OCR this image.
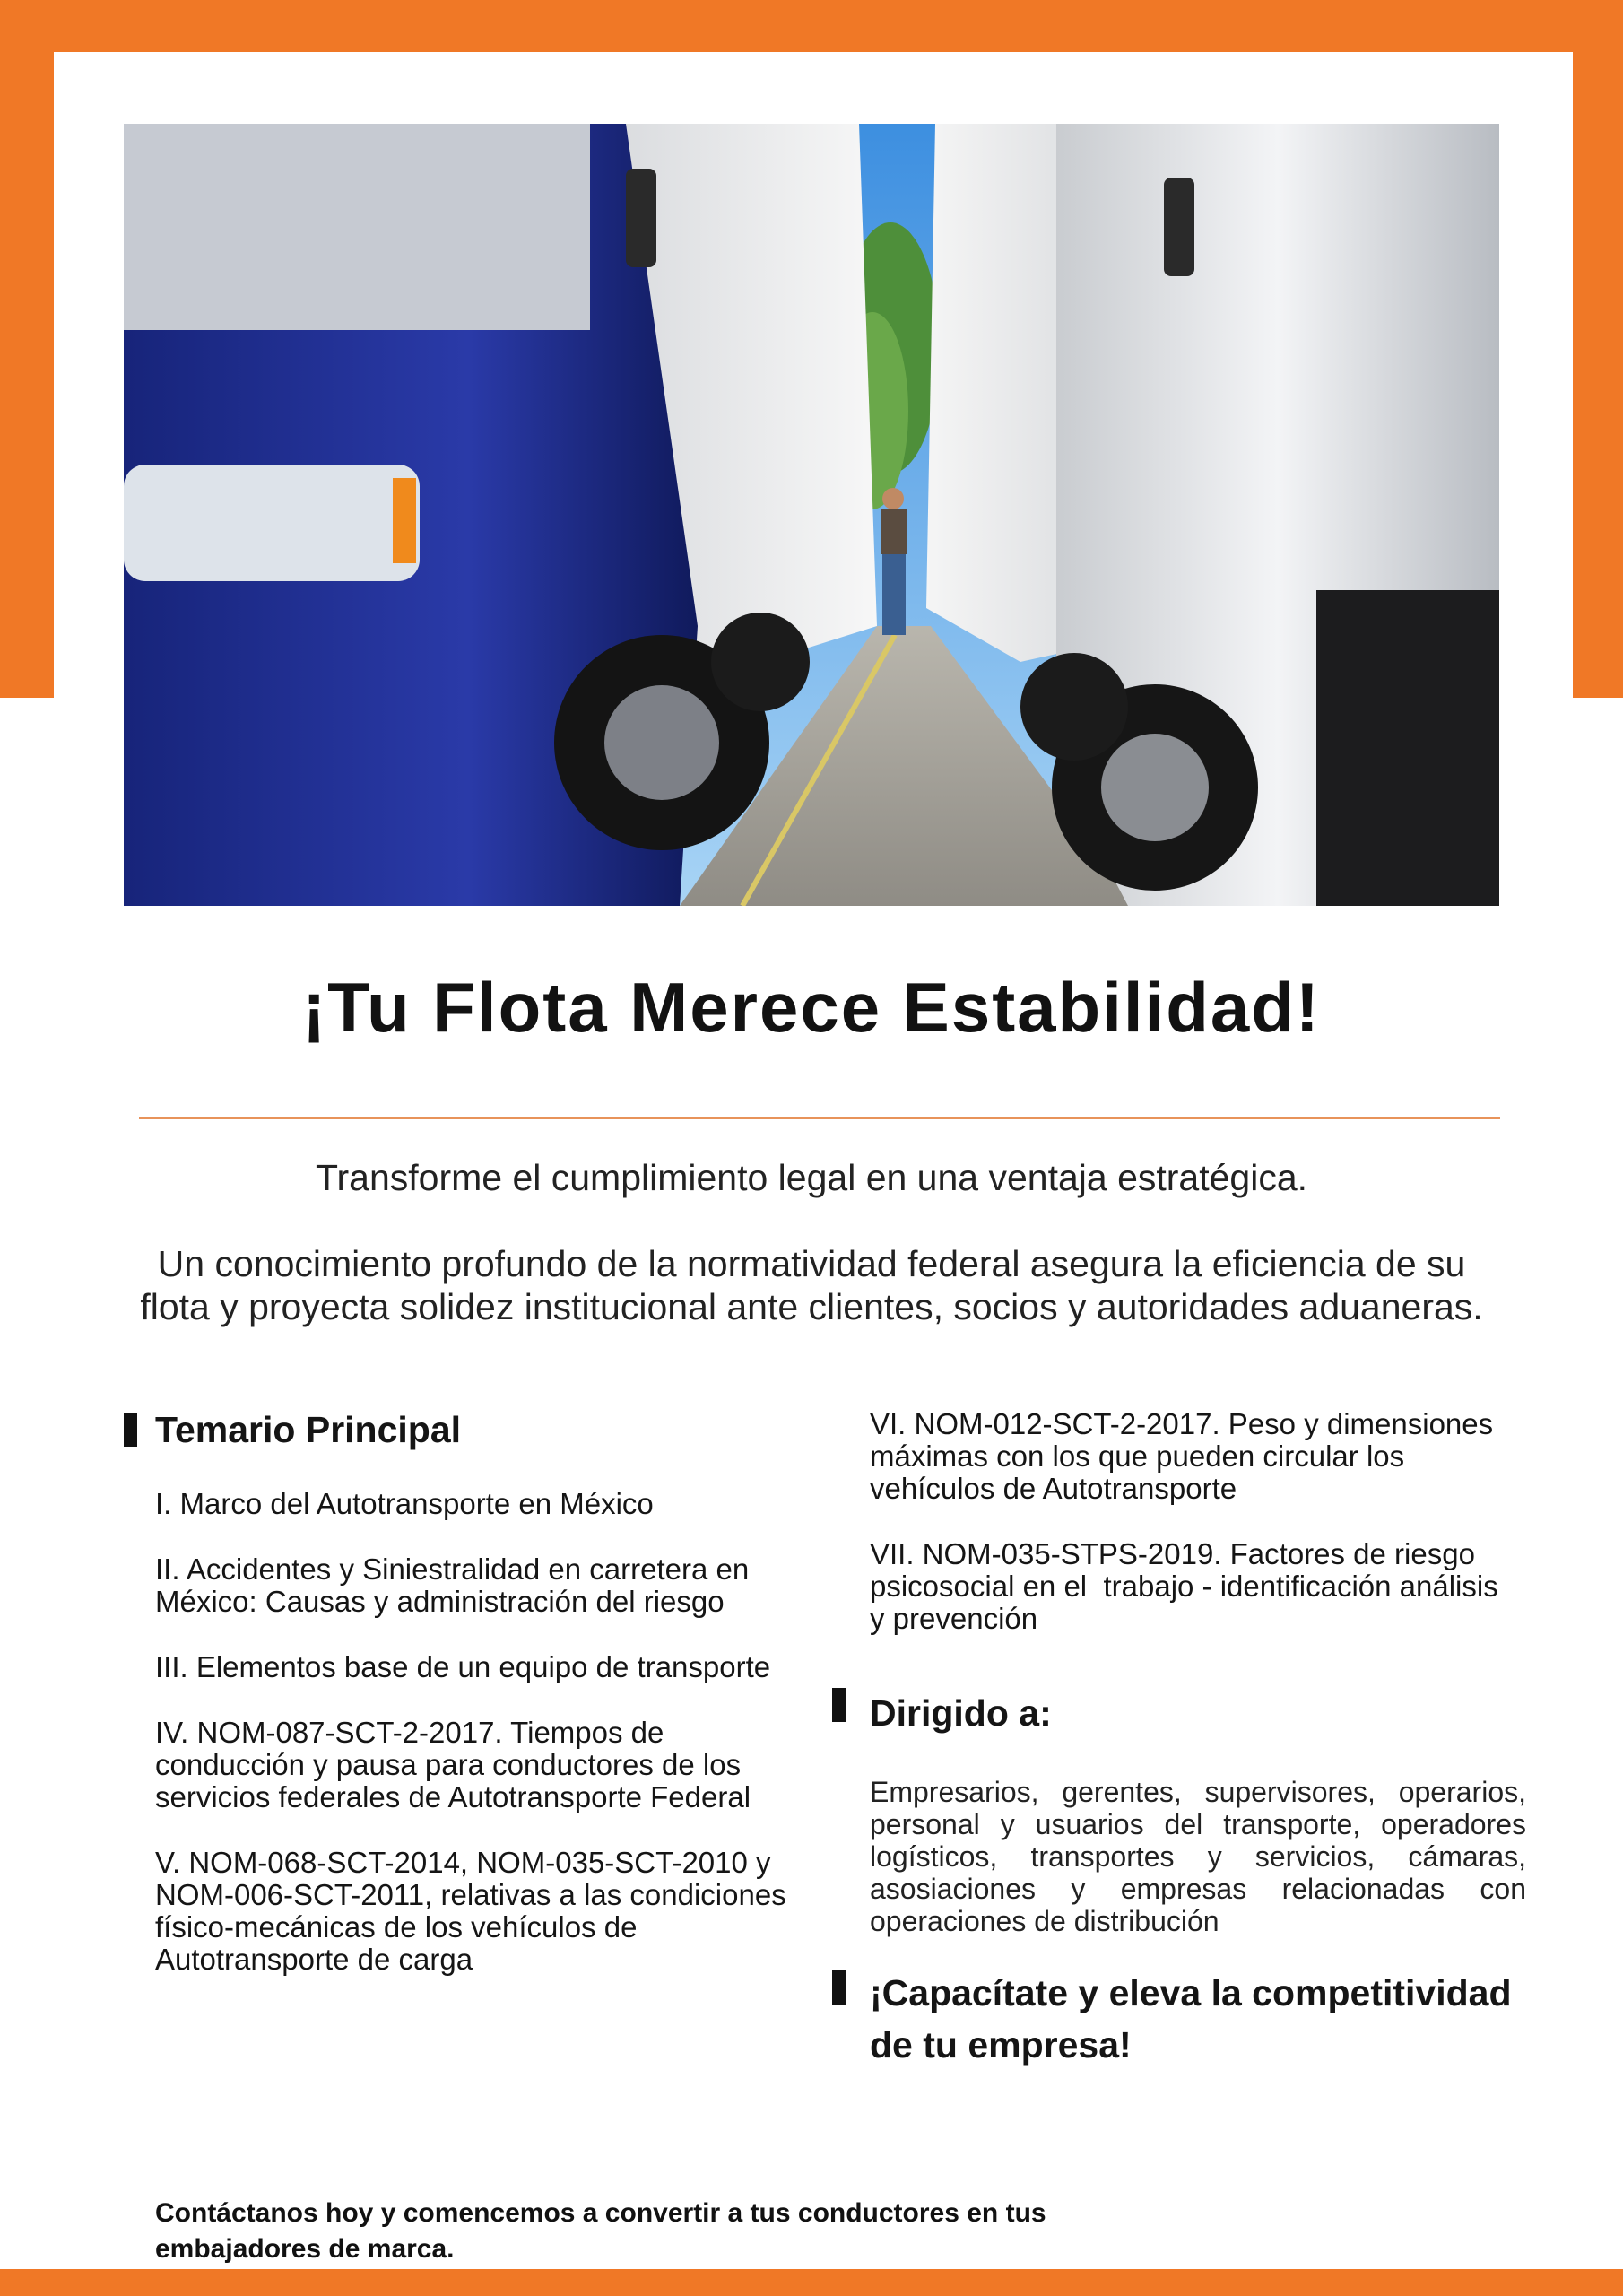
¡Tu Flota Merece Estabilidad!
Transforme el cumplimiento legal en una ventaja estratégica.
Un conocimiento profundo de la normatividad federal asegura la eficiencia de su flota y proyecta solidez institucional ante clientes, socios y autoridades aduaneras.
Temario Principal
I. Marco del Autotransporte en México
II. Accidentes y Siniestralidad en carretera en México: Causas y administración del riesgo
III. Elementos base de un equipo de transporte
IV. NOM-087-SCT-2-2017. Tiempos de conducción y pausa para conductores de los servicios federales de Autotransporte Federal
V. NOM-068-SCT-2014, NOM-035-SCT-2010 y NOM-006-SCT-2011, relativas a las condiciones físico-mecánicas de los vehículos de  Autotransporte de carga
VI. NOM-012-SCT-2-2017. Peso y dimensiones máximas con los que pueden circular los vehículos de Autotransporte
VII. NOM-035-STPS-2019. Factores de riesgo psicosocial en el  trabajo - identificación análisis y prevención
Dirigido a:
Empresarios, gerentes, supervisores, operarios, personal y usuarios del transporte, operadores logísticos, transportes y servicios, cámaras, asosiaciones y empresas relacionadas con operaciones de distribución
¡Capacítate y eleva la competitividad de tu empresa!
Contáctanos hoy y comencemos a convertir a tus conductores en tus embajadores de marca.
